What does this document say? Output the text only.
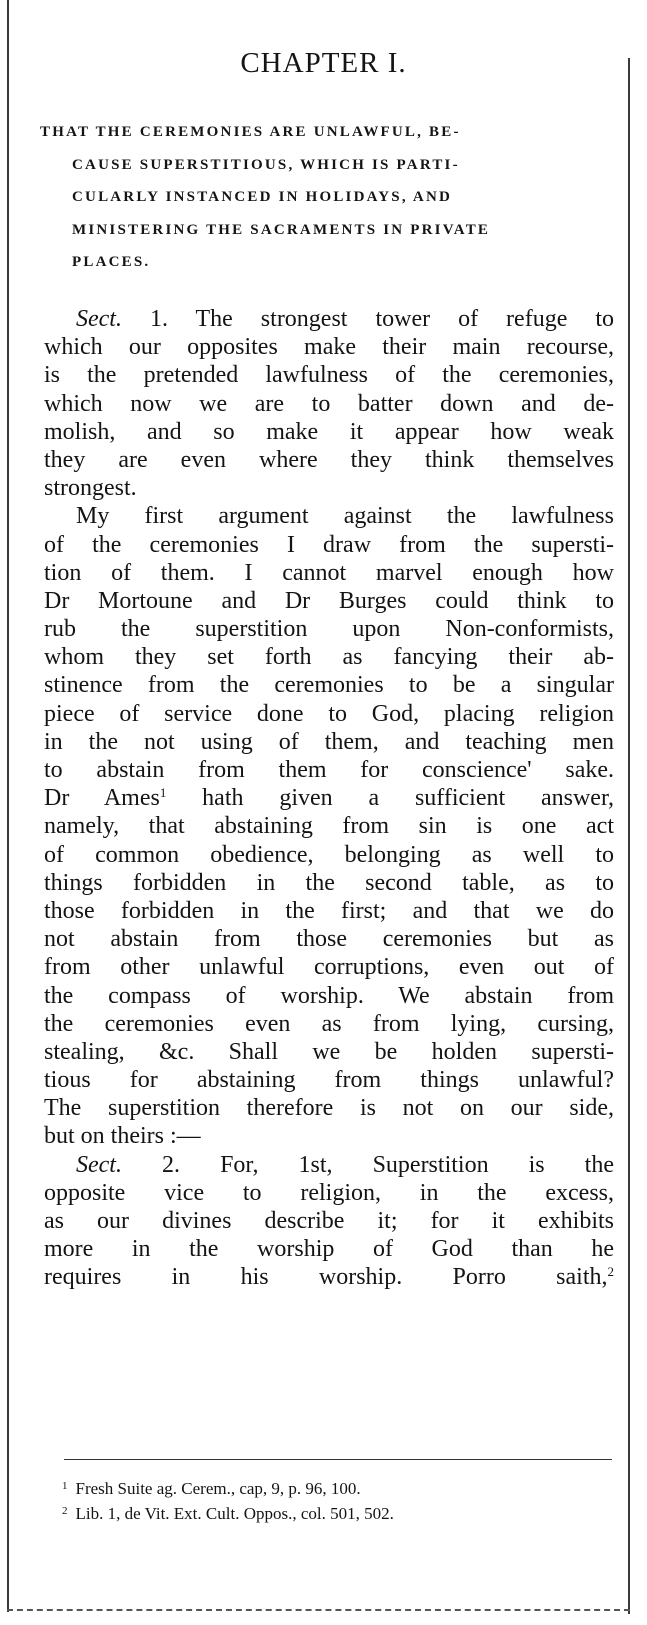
CHAPTER I.
THAT THE CEREMONIES ARE UNLAWFUL, BE-
CAUSE SUPERSTITIOUS, WHICH IS PARTI-
CULARLY INSTANCED IN HOLIDAYS, AND
MINISTERING THE SACRAMENTS IN PRIVATE
PLACES.
Sect. 1. The strongest tower of refuge to
which our opposites make their main recourse,
is the pretended lawfulness of the ceremonies,
which now we are to batter down and de-
molish, and so make it appear how weak
they are even where they think themselves
strongest.
My first argument against the lawfulness
of the ceremonies I draw from the supersti-
tion of them. I cannot marvel enough how
Dr Mortoune and Dr Burges could think to
rub the superstition upon Non-conformists,
whom they set forth as fancying their ab-
stinence from the ceremonies to be a singular
piece of service done to God, placing religion
in the not using of them, and teaching men
to abstain from them for conscience' sake.
Dr Ames$^1$ hath given a sufficient answer,
namely, that abstaining from sin is one act
of common obedience, belonging as well to
things forbidden in the second table, as to
those forbidden in the first; and that we do
not abstain from those ceremonies but as
from other unlawful corruptions, even out of
the compass of worship. We abstain from
the ceremonies even as from lying, cursing,
stealing, &c. Shall we be holden supersti-
tious for abstaining from things unlawful?
The superstition therefore is not on our side,
but on theirs :—
Sect. 2. For, 1st, Superstition is the
opposite vice to religion, in the excess,
as our divines describe it; for it exhibits
more in the worship of God than he
requires in his worship. Porro saith,$^2$
$^1$ Fresh Suite ag. Cerem., cap, 9, p. 96, 100.
$^2$ Lib. 1, de Vit. Ext. Cult. Oppos., col. 501, 502.
